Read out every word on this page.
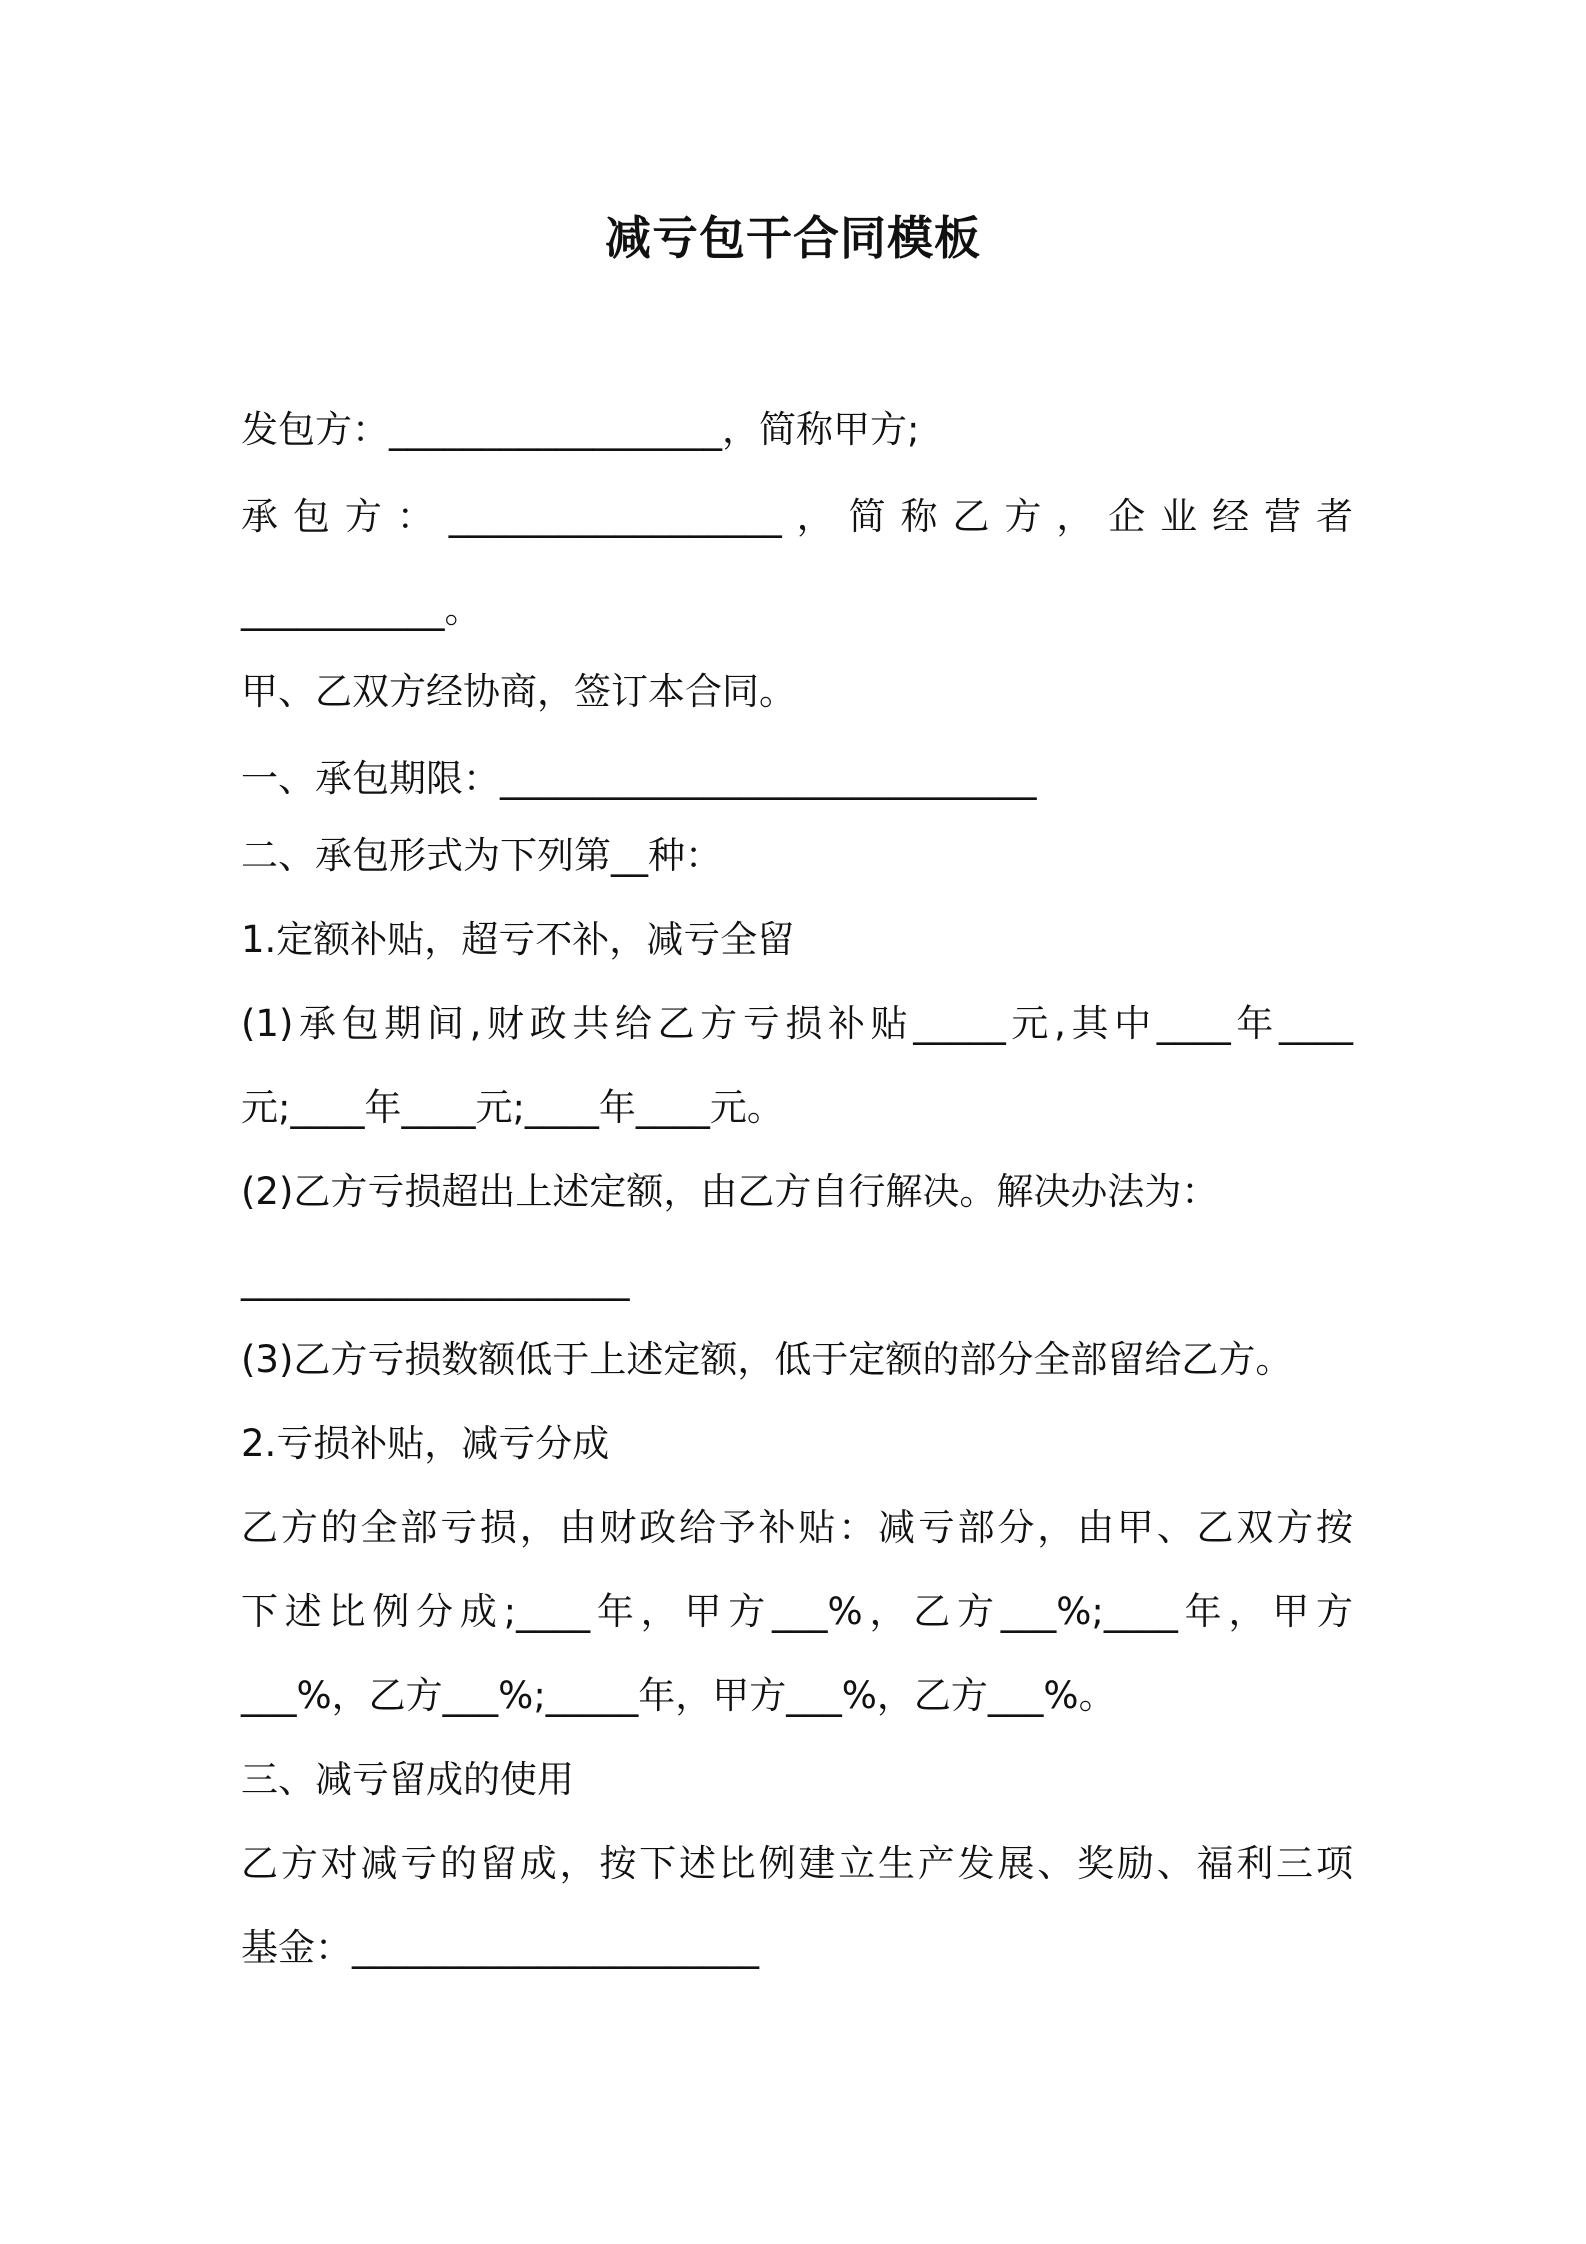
减亏包干合同模板
发包方：__________________，简称甲方;
承包方：__________________，简称乙方，企业经营者
___________。
甲、乙双方经协商，签订本合同。
一、承包期限：_____________________________
二、承包形式为下列第__种：
1.定额补贴，超亏不补，减亏全留
(1)承包期间,财政共给乙方亏损补贴_____元,其中____年____
元;____年____元;____年____元。
(2)乙方亏损超出上述定额，由乙方自行解决。解决办法为：
_____________________
(3)乙方亏损数额低于上述定额，低于定额的部分全部留给乙方。
2.亏损补贴，减亏分成
乙方的全部亏损，由财政给予补贴：减亏部分，由甲、乙双方按
下述比例分成;____年，甲方___%，乙方___%;____年，甲方
___%，乙方___%;_____年，甲方___%，乙方___%。
三、减亏留成的使用
乙方对减亏的留成，按下述比例建立生产发展、奖励、福利三项
基金：______________________
